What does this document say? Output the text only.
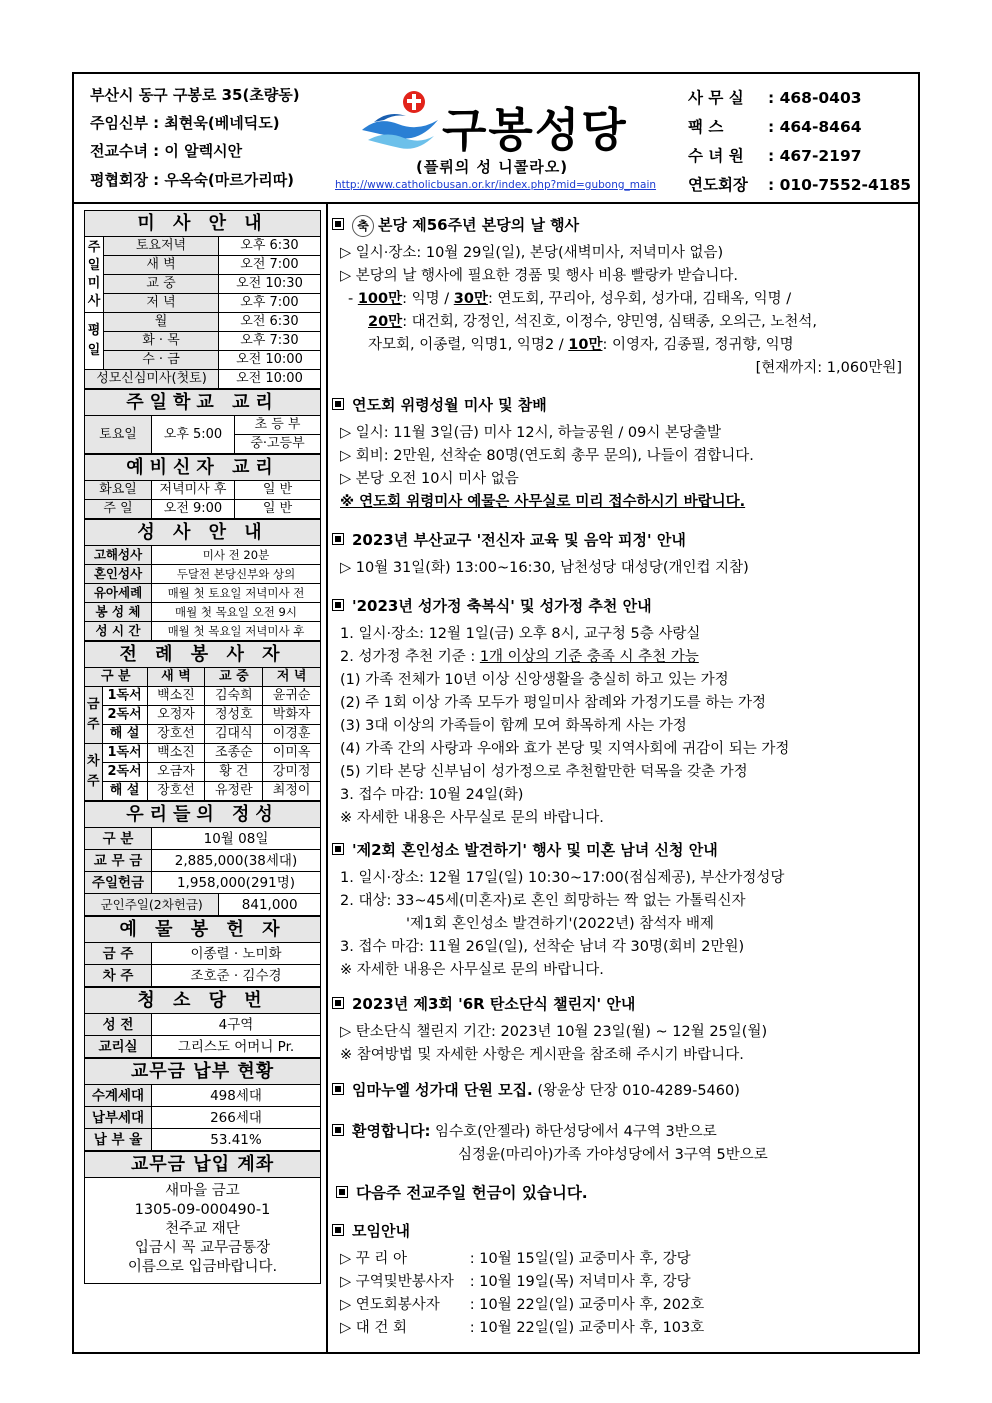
부산시 동구 구봉로 35(초량동)
주임신부 : 최현욱(베네딕도)
전교수녀 : 이 알렉시안
평협회장 : 우옥숙(마르가리따)
구봉성당
(플뤼의 성 니콜라오)
http://www.catholicbusan.or.kr/index.php?mid=gubong_main
사 무 실 : 468-0403
팩 스	: 464-8464
수 녀 원 : 467-2197
연도회장 : 010-7552-4185
미 사 안 내
주
일
미
사	토요저녁	오후 6:30
	새 벽	오전 7:00
	교 중	오전 10:30
	저 녁	오후 7:00
평
일	월	오전 6:30
	화 · 목	오후 7:30
	수 · 금	오전 10:00
성모신심미사(첫토)		오전 10:00
주일학교 교리
토요일	오후 5:00	초 등 부
중·고등부
예비신자 교리
화요일	저녁미사 후	일 반
주 일	오전 9:00	일 반
성 사 안 내
고해성사	미사 전 20분
혼인성사	두달전 본당신부와 상의
유아세례	매월 첫 토요일 저녁미사 전
봉 성 체	매월 첫 목요일 오전 9시
성 시 간	매월 첫 목요일 저녁미사 후
전 례 봉 사 자
구 분		새 벽	교 중	저 녁
금
주	1독서	백소진	김숙희	윤귀순
	2독서	오정자	정성호	박화자
	해 설	장호선	김대식	이경훈
차
주	1독서	백소진	조종순	이미옥
	2독서	오금자	황 건	강미정
	해 설	장호선	유정란	최정이
우리들의 정성
구 분	10월 08일	
교 무 금	2,885,000(38세대)	
주일헌금	1,958,000(291명)	
군인주일(2차헌금)		841,000
예 물 봉 헌 자
금 주	이종렬 · 노미화
차 주	조호준 · 김수경
청 소 당 번
성 전	4구역
교리실	그리스도 어머니 Pr.
교무금 납부 현황
수계세대	498세대
납부세대	266세대
납 부 율	53.41%
교무금 납입 계좌
새마을 금고
1305-09-000490-1
천주교 재단
입금시 꼭 교무금통장
이름으로 입금바랍니다.
축 본당 제56주년 본당의 날 행사
▷ 일시·장소: 10월 29일(일), 본당(새벽미사, 저녁미사 없음)
▷ 본당의 날 행사에 필요한 경품 및 행사 비용 빨랑카 받습니다.
- 100만: 익명 / 30만: 연도회, 꾸리아, 성우회, 성가대, 김태옥, 익명 /
20만: 대건회, 강정인, 석진호, 이정수, 양민영, 심택종, 오의근, 노천석,
자모회, 이종렬, 익명1, 익명2 / 10만: 이영자, 김종필, 정귀향, 익명
[현재까지: 1,060만원]
연도회 위령성월 미사 및 참배
▷ 일시: 11월 3일(금) 미사 12시, 하늘공원 / 09시 본당출발
▷ 회비: 2만원, 선착순 80명(연도회 총무 문의), 나들이 겸합니다.
▷ 본당 오전 10시 미사 없음
※ 연도회 위령미사 예물은 사무실로 미리 접수하시기 바랍니다.
2023년 부산교구 '전신자 교육 및 음악 피정' 안내
▷ 10월 31일(화) 13:00~16:30, 남천성당 대성당(개인컵 지참)
'2023년 성가정 축복식' 및 성가정 추천 안내
1. 일시·장소: 12월 1일(금) 오후 8시, 교구청 5층 사랑실
2. 성가정 추천 기준 : 1개 이상의 기준 충족 시 추천 가능
(1) 가족 전체가 10년 이상 신앙생활을 충실히 하고 있는 가정
(2) 주 1회 이상 가족 모두가 평일미사 참례와 가정기도를 하는 가정
(3) 3대 이상의 가족들이 함께 모여 화목하게 사는 가정
(4) 가족 간의 사랑과 우애와 효가 본당 및 지역사회에 귀감이 되는 가정
(5) 기타 본당 신부님이 성가정으로 추천할만한 덕목을 갖춘 가정
3. 접수 마감: 10월 24일(화)
※ 자세한 내용은 사무실로 문의 바랍니다.
'제2회 혼인성소 발견하기' 행사 및 미혼 남녀 신청 안내
1. 일시·장소: 12월 17일(일) 10:30~17:00(점심제공), 부산가정성당
2. 대상: 33~45세(미혼자)로 혼인 희망하는 짝 없는 가톨릭신자
'제1회 혼인성소 발견하기'(2022년) 참석자 배제
3. 접수 마감: 11월 26일(일), 선착순 남녀 각 30명(회비 2만원)
※ 자세한 내용은 사무실로 문의 바랍니다.
2023년 제3회 '6R 탄소단식 챌린지' 안내
▷ 탄소단식 챌린지 기간: 2023년 10월 23일(월) ~ 12월 25일(월)
※ 참여방법 및 자세한 사항은 게시판을 참조해 주시기 바랍니다.
임마누엘 성가대 단원 모집. (왕윤상 단장 010-4289-5460)
환영합니다: 임수호(안젤라) 하단성당에서 4구역 3반으로
심정윤(마리아)가족 가야성당에서 3구역 5반으로
다음주 전교주일 헌금이 있습니다.
모임안내
▷ 꾸 리 아	: 10월 15일(일) 교중미사 후, 강당
▷ 구역및반봉사자 : 10월 19일(목) 저녁미사 후, 강당
▷ 연도회봉사자 : 10월 22일(일) 교중미사 후, 202호
▷ 대 건 회	: 10월 22일(일) 교중미사 후, 103호
